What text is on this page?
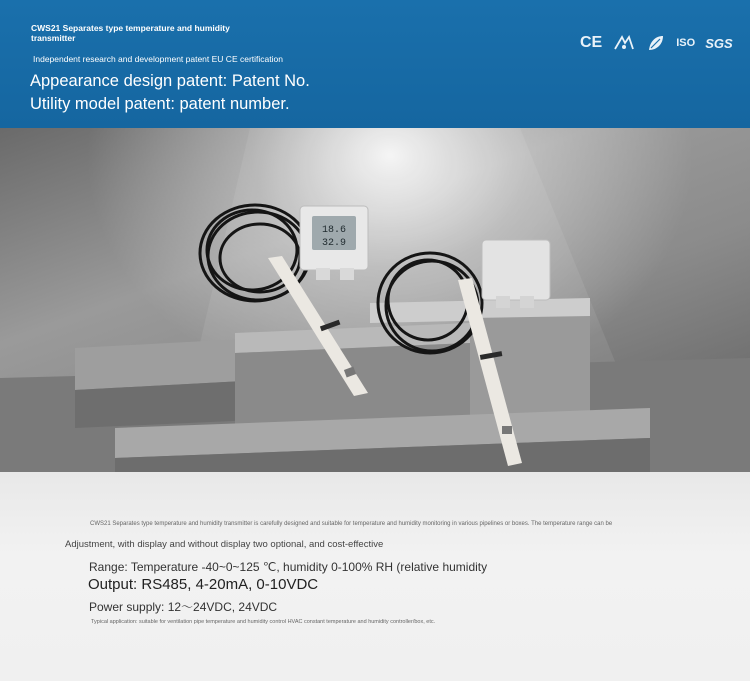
CWS21 Separates type temperature and humidity transmitter
Independent research and development patent EU CE certification
Appearance design patent: Patent No.
Utility model patent: patent number.
CE	ISO SGS
18.6
32.9
CWS21 Separates type temperature and humidity transmitter is carefully designed and suitable for temperature and humidity monitoring in various pipelines or boxes. The temperature range can be
Adjustment, with display and without display two optional, and cost-effective
Range: Temperature -40~0~125 ℃, humidity 0-100% RH (relative humidity
Output: RS485, 4-20mA, 0-10VDC
Power supply: 12～24VDC, 24VDC
Typical application: suitable for ventilation pipe temperature and humidity control HVAC constant temperature and humidity controller/box, etc.
